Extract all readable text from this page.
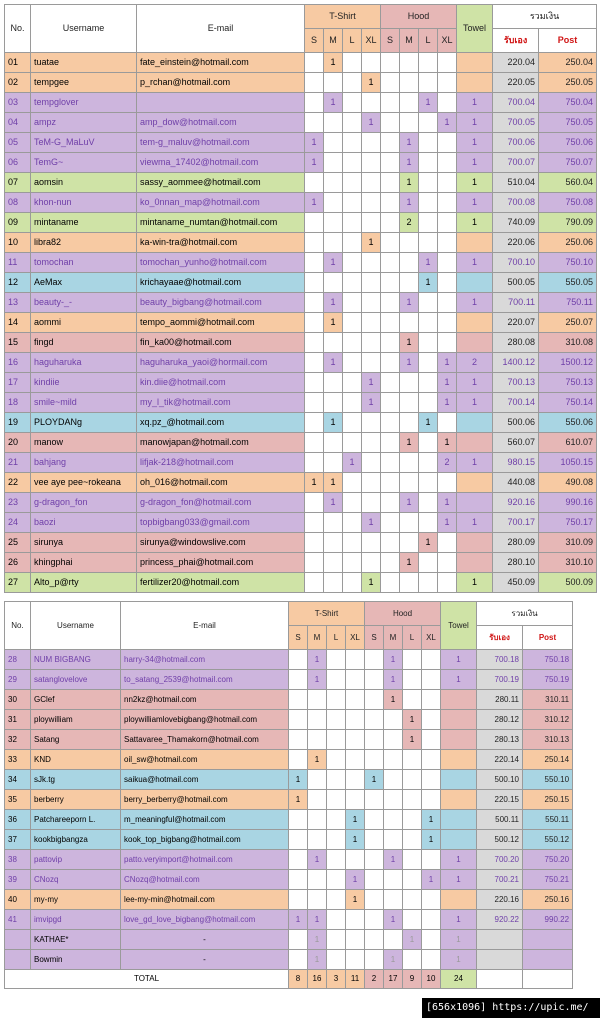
No.	Username	E-mail	T-Shirt				Hood				Towel	รวมเงิน	
			S	M	L	XL	S	M	L	XL		รับเอง	Post
01	tuatae	fate_einstein@hotmail.com		1								220.04	250.04
02	tempgee	p_rchan@hotmail.com				1						220.05	250.05
03	tempglover			1					1		1	700.04	750.04
04	ampz	amp_dow@hotmail.com				1				1	1	700.05	750.05
05	TeM-G_MaLuV	tem-g_maluv@hotmail.com	1					1			1	700.06	750.06
06	TemG~	viewma_17402@hotmail.com	1					1			1	700.07	750.07
07	aomsin	sassy_aommee@hotmail.com						1			1	510.04	560.04
08	khon-nun	ko_0nnan_map@hotmail.com	1					1			1	700.08	750.08
09	mintaname	mintaname_numtan@hotmail.com						2			1	740.09	790.09
10	libra82	ka-win-tra@hotmail.com				1						220.06	250.06
11	tomochan	tomochan_yunho@hotmail.com		1					1		1	700.10	750.10
12	AeMax	krichayaae@hotmail.com							1			500.05	550.05
13	beauty-_-	beauty_bigbang@hotmail.com		1				1			1	700.11	750.11
14	aommi	tempo_aommi@hotmail.com		1								220.07	250.07
15	fingd	fin_ka00@hotmail.com						1				280.08	310.08
16	haguharuka	haguharuka_yaoi@hormail.com		1				1		1	2	1400.12	1500.12
17	kindiie	kin.diie@hotmail.com				1				1	1	700.13	750.13
18	smile~mild	my_l_tik@hotmail.com				1				1	1	700.14	750.14
19	PLOYDANg	xq.pz_@hotmail.com		1					1			500.06	550.06
20	manow	manowjapan@hotmail.com						1		1		560.07	610.07
21	bahjang	lifjak-218@hotmail.com			1					2	1	980.15	1050.15
22	vee aye pee~rokeana	oh_016@hotmail.com	1	1								440.08	490.08
23	g-dragon_fon	g-dragon_fon@hotmail.com		1				1		1		920.16	990.16
24	baozi	topbigbang033@gmail.com				1				1	1	700.17	750.17
25	sirunya	sirunya@windowslive.com							1			280.09	310.09
26	khingphai	princess_phai@hotmail.com						1				280.10	310.10
27	Alto_p@rty	fertilizer20@hotmail.com				1					1	450.09	500.09
No.	Username	E-mail	T-Shirt				Hood				Towel	รวมเงิน	
			S	M	L	XL	S	M	L	XL		รับเอง	Post
28	NUM BIGBANG	harry-34@hotmail.com		1				1			1	700.18	750.18
29	satanglovelove	to_satang_2539@hotmail.com		1				1			1	700.19	750.19
30	GClef	nn2kz@hotmail.com						1				280.11	310.11
31	ploywilliam	ploywilliamlovebigbang@hotmail.com							1			280.12	310.12
32	Satang	Sattavaree_Thamakorn@hotmail.com							1			280.13	310.13
33	KND	oil_sw@hotmail.com		1								220.14	250.14
34	sJk.tg	saikua@hotmail.com	1				1					500.10	550.10
35	berberry	berry_berberry@hotmail.com	1									220.15	250.15
36	Patchareeporn L.	m_meaningful@hotmail.com				1				1		500.11	550.11
37	kookbigbangza	kook_top_bigbang@hotmail.com				1				1		500.12	550.12
38	pattovip	patto.veryimport@hotmail.com		1				1			1	700.20	750.20
39	CNozq	CNozq@hotmail.com				1				1	1	700.21	750.21
40	my-my	lee-my-min@hotmail.com				1						220.16	250.16
41	imvipgd	love_gd_love_bigbang@hotmail.com	1	1				1			1	920.22	990.22
	KATHAE*	-		1					1		1		
	Bowmin	-		1				1			1		
TOTAL			8	16	3	11	2	17	9	10	24		
[656x1096] https://upic.me/
